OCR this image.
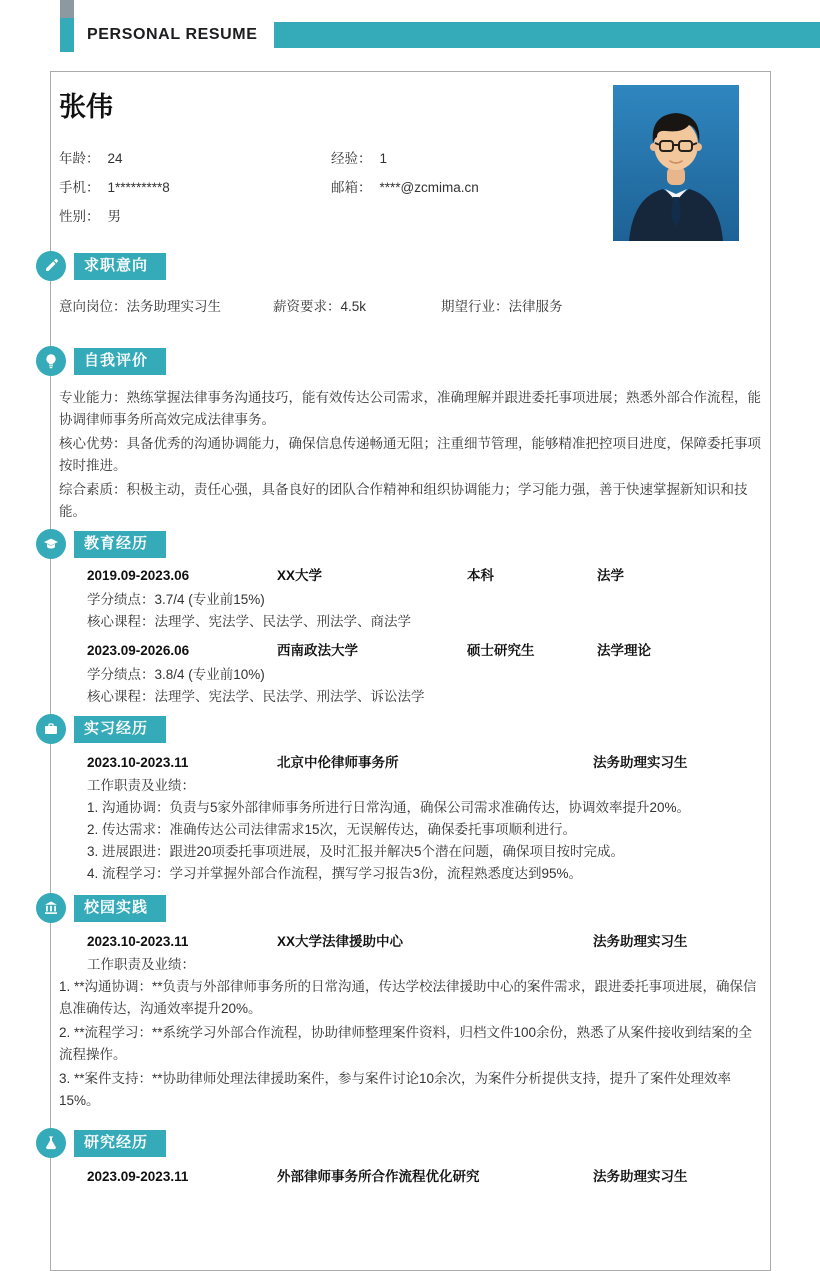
PERSONAL RESUME
张伟
年龄： 24	经验： 1
手机： 1*********8	邮箱： ****@zcmima.cn
性别： 男
求职意向
意向岗位：法务助理实习生	薪资要求：4.5k	期望行业：法律服务
自我评价

专业能力：熟练掌握法律事务沟通技巧，能有效传达公司需求，准确理解并跟进委托事项进展；熟悉外部合作流程，能协调律师事务所高效完成法律事务。

核心优势：具备优秀的沟通协调能力，确保信息传递畅通无阻；注重细节管理，能够精准把控项目进度，保障委托事项按时推进。

综合素质：积极主动，责任心强，具备良好的团队合作精神和组织协调能力；学习能力强，善于快速掌握新知识和技能。

教育经历
2019.09-2023.06	XX大学	本科	法学
学分绩点：3.7/4 (专业前15%)
核心课程：法理学、宪法学、民法学、刑法学、商法学
2023.09-2026.06	西南政法大学	硕士研究生	法学理论
学分绩点：3.8/4 (专业前10%)
核心课程：法理学、宪法学、民法学、刑法学、诉讼法学
实习经历
2023.10-2023.11	北京中伦律师事务所	法务助理实习生
工作职责及业绩：
1. 沟通协调：负责与5家外部律师事务所进行日常沟通，确保公司需求准确传达，协调效率提升20%。
2. 传达需求：准确传达公司法律需求15次，无误解传达，确保委托事项顺利进行。
3. 进展跟进：跟进20项委托事项进展，及时汇报并解决5个潜在问题，确保项目按时完成。
4. 流程学习：学习并掌握外部合作流程，撰写学习报告3份，流程熟悉度达到95%。
校园实践
2023.10-2023.11	XX大学法律援助中心	法务助理实习生
工作职责及业绩：
1. **沟通协调：**负责与外部律师事务所的日常沟通，传达学校法律援助中心的案件需求，跟进委托事项进展，确保信息准确传达，沟通效率提升20%。
2. **流程学习：**系统学习外部合作流程，协助律师整理案件资料，归档文件100余份，熟悉了从案件接收到结案的全流程操作。
3. **案件支持：**协助律师处理法律援助案件，参与案件讨论10余次，为案件分析提供支持，提升了案件处理效率15%。
研究经历
2023.09-2023.11	外部律师事务所合作流程优化研究	法务助理实习生
